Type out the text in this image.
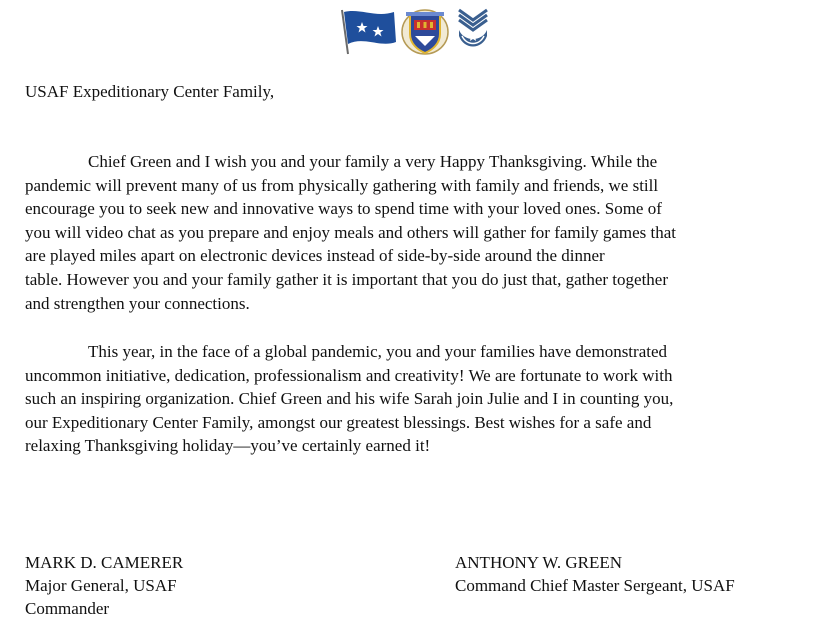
USAF Expeditionary Center Family,
Chief Green and I wish you and your family a very Happy Thanksgiving. While the
pandemic will prevent many of us from physically gathering with family and friends, we still
encourage you to seek new and innovative ways to spend time with your loved ones. Some of
you will video chat as you prepare and enjoy meals and others will gather for family games that
are played miles apart on electronic devices instead of side-by-side around the dinner
table. However you and your family gather it is important that you do just that, gather together
and strengthen your connections.
This year, in the face of a global pandemic, you and your families have demonstrated
uncommon initiative, dedication, professionalism and creativity! We are fortunate to work with
such an inspiring organization. Chief Green and his wife Sarah join Julie and I in counting you,
our Expeditionary Center Family, amongst our greatest blessings. Best wishes for a safe and
relaxing Thanksgiving holiday—you’ve certainly earned it!
MARK D. CAMERER
Major General, USAF
Commander
ANTHONY W. GREEN
Command Chief Master Sergeant, USAF
